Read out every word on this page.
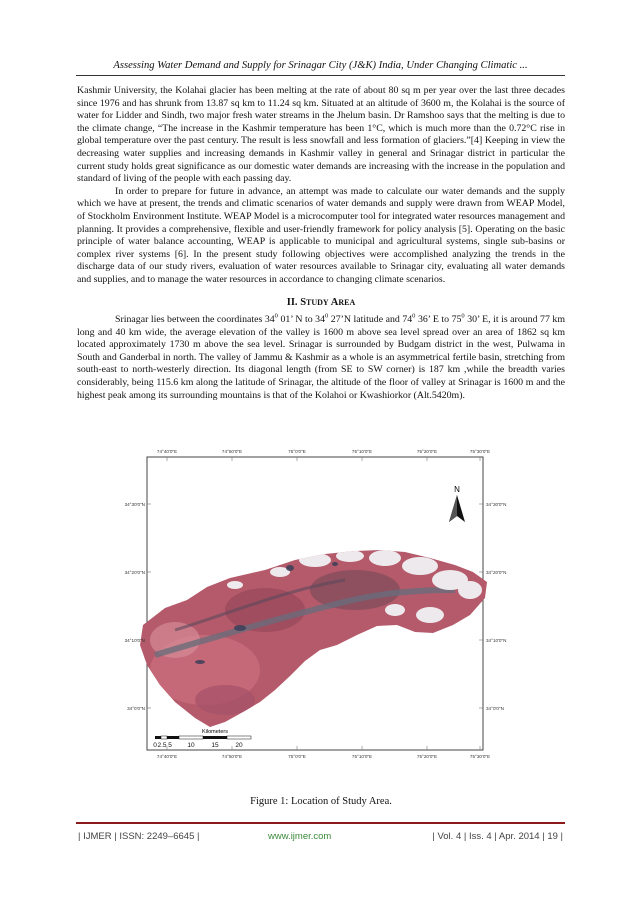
Assessing Water Demand and Supply for Srinagar City (J&K) India, Under Changing Climatic ...

Kashmir University, the Kolahai glacier has been melting at the rate of about 80 sq m per year over the last three decades since 1976 and has shrunk from 13.87 sq km to 11.24 sq km. Situated at an altitude of 3600 m, the Kolahai is the source of water for Lidder and Sindh, two major fresh water streams in the Jhelum basin. Dr Ramshoo says that the melting is due to the climate change, “The increase in the Kashmir temperature has been 1°C, which is much more than the 0.72°C rise in global temperature over the past century. The result is less snowfall and less formation of glaciers.”[4] Keeping in view the decreasing water supplies and increasing demands in Kashmir valley in general and Srinagar district in particular the current study holds great significance as our domestic water demands are increasing with the increase in the population and standard of living of the people with each passing day.

In order to prepare for future in advance, an attempt was made to calculate our water demands and the supply which we have at present, the trends and climatic scenarios of water demands and supply were drawn from WEAP Model, of Stockholm Environment Institute. WEAP Model is a microcomputer tool for integrated water resources management and planning. It provides a comprehensive, flexible and user-friendly framework for policy analysis [5]. Operating on the basic principle of water balance accounting, WEAP is applicable to municipal and agricultural systems, single sub-basins or complex river systems [6]. In the present study following objectives were accomplished analyzing the trends in the discharge data of our study rivers, evaluation of water resources available to Srinagar city, evaluating all water demands and supplies, and to manage the water resources in accordance to changing climate scenarios.

II. STUDY AREA

Srinagar lies between the coordinates $34^0$ 01’ N to $34^0$ 27’N latitude and $74^0$ 36’ E to $75^0$ 30’ E, it is around 77 km long and 40 km wide, the average elevation of the valley is 1600 m above sea level spread over an area of 1862 sq km located approximately 1730 m above the sea level. Srinagar is surrounded by Budgam district in the west, Pulwama in South and Ganderbal in north. The valley of Jammu & Kashmir as a whole is an asymmetrical fertile basin, stretching from south-east to north-westerly direction. Its diagonal length (from SE to SW corner) is 187 km ,while the breadth varies considerably, being 115.6 km along the latitude of Srinagar, the altitude of the floor of valley at Srinagar is 1600 m and the highest peak among its surrounding mountains is that of the Kolahoi or Kwashiorkor (Alt.5420m).

N
Kilometers
0 2.5 5 10	15	20
74°40'0"E	74°50'0"E	75°0'0"E	75°10'0"E	75°20'0"E	75°30'0"E
74°40'0"E	74°50'0"E	75°0'0"E	75°10'0"E	75°20'0"E	75°30'0"E
34°30'0"N
34°20'0"N
34°10'0"N
34°0'0"N
34°30'0"N
34°20'0"N
34°10'0"N
34°0'0"N
Figure 1: Location of Study Area.
| IJMER | ISSN: 2249–6645 |	www.ijmer.com	| Vol. 4 | Iss. 4 | Apr. 2014 | 19 |
